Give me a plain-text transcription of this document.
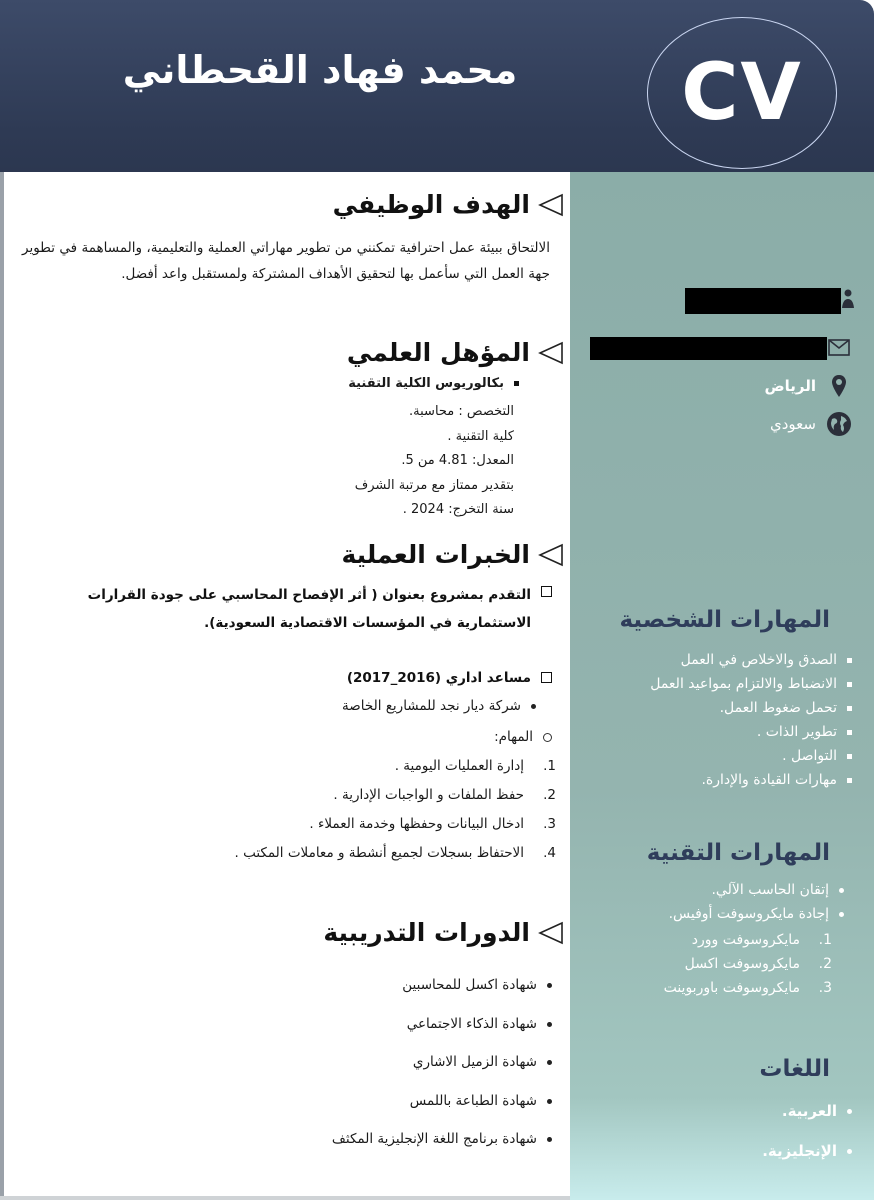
محمد فهاد القحطاني CV
الرياض
سعودي
الهدف الوظيفي
الالتحاق ببيئة عمل احترافية تمكنني من تطوير مهاراتي العملية والتعليمية، والمساهمة في تطوير جهة العمل التي سأعمل بها لتحقيق الأهداف المشتركة ولمستقبل واعد أفضل.
المؤهل العلمي
بكالوريوس الكلية التقنية
التخصص : محاسبة.
كلية التقنية .
المعدل: 4.81 من 5.
بتقدير ممتاز مع مرتبة الشرف
سنة التخرج: 2024 .
الخبرات العملية
التقدم بمشروع بعنوان ( أثر الإفصاح المحاسبي على جودة القرارات الاستثمارية في المؤسسات الاقتصادية السعودية).
مساعد اداري (2016_2017)
شركة ديار نجد للمشاريع الخاصة
المهام:
1.
إدارة العمليات اليومية .
2.
حفظ الملفات و الواجبات الإدارية .
3.
ادخال البيانات وحفظها وخدمة العملاء .
4.
الاحتفاظ بسجلات لجميع أنشطة و معاملات المكتب .
الدورات التدريبية
شهادة اكسل للمحاسبين
شهادة الذكاء الاجتماعي
شهادة الزميل الاشاري
شهادة الطباعة باللمس
شهادة برنامج اللغة الإنجليزية المكثف
المهارات الشخصية
الصدق والاخلاص في العمل
الانضباط والالتزام بمواعيد العمل
تحمل ضغوط العمل.
تطوير الذات .
التواصل .
مهارات القيادة والإدارة.
المهارات التقنية
إتقان الحاسب الآلي.
إجادة مايكروسوفت أوفيس.
1.
مايكروسوفت وورد
2.
مايكروسوفت اكسل
3.
مايكروسوفت باوربوينت
اللغات
العربية.
الإنجليزية.
